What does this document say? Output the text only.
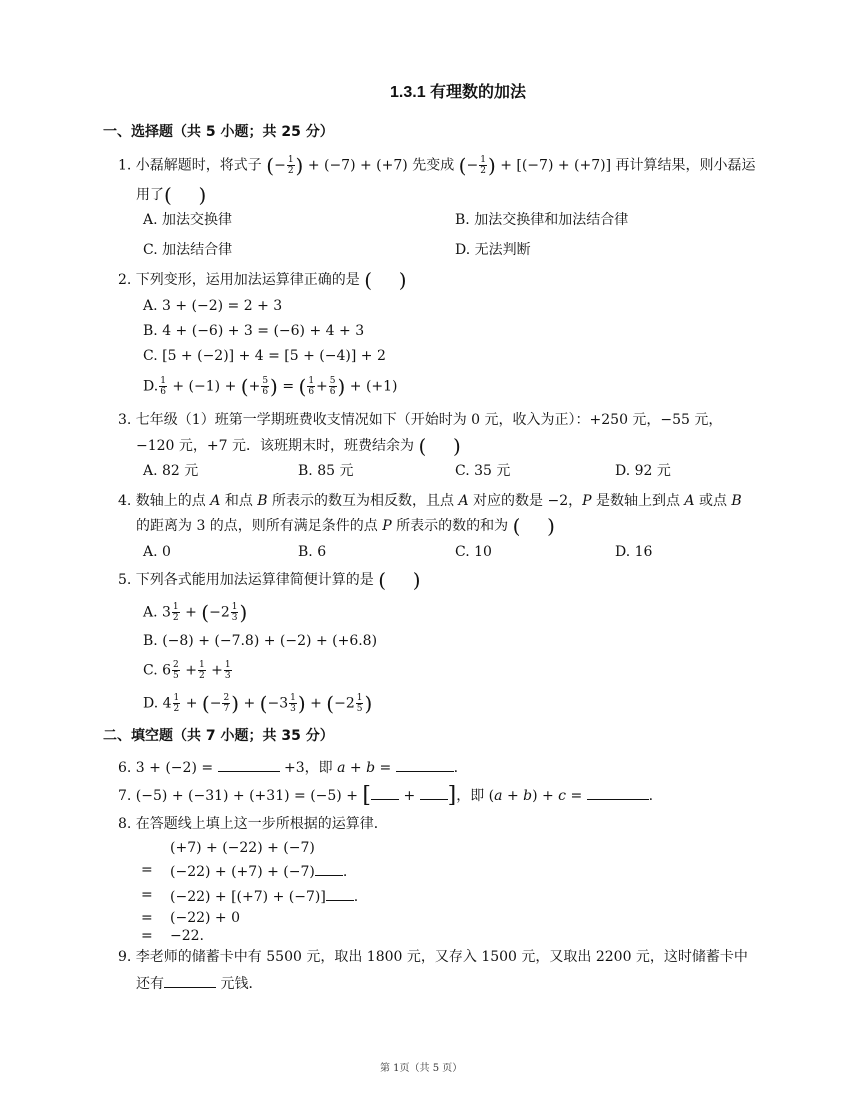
1.3.1 有理数的加法
一、选择题（共 5 小题；共 25 分）
1. 小磊解题时，将式子 (− $\frac{1}{2}$ ) + (−7) + (+7) 先变成 (− $\frac{1}{2}$ ) + [(−7) + (+7)] 再计算结果，则小磊运
用了( )
A. 加法交换律	B. 加法交换律和加法结合律
C. 加法结合律	D. 无法判断
2. 下列变形，运用加法运算律正确的是 ( )
A. 3 + (−2) = 2 + 3
B. 4 + (−6) + 3 = (−6) + 4 + 3
C. [5 + (−2)] + 4 = [5 + (−4)] + 2
D. $\frac{1}{6} + (-1)$ + (+ $\frac{5}{6}$ ) = ( $\frac{1}{6} + \frac{5}{6}$ ) + (+1)
3. 七年级（1）班第一学期班费收支情况如下（开始时为 0 元，收入为正）：+250 元，−55 元，
−120 元，+7 元．该班期末时，班费结余为 ( )
A. 82 元	B. 85 元	C. 35 元	D. 92 元
4. 数轴上的点 𝐴 和点 𝐵 所表示的数互为相反数，且点 𝐴 对应的数是 −2，𝑃 是数轴上到点 𝐴 或点 𝐵
的距离为 3 的点，则所有满足条件的点 𝑃 所表示的数的和为 ( )
A. 0	B. 6	C. 10	D. 16
5. 下列各式能用加法运算律简便计算的是 ( )
A. $3 \frac{1}{2} + (-2 \frac{1}{3}$ )
B. (−8) + (−7.8) + (−2) + (+6.8)
C. $6 \frac{2}{5} + \frac{1}{2} + \frac{1}{3}$
D. $4 \frac{1}{2}$ + (− $\frac{2}{7}$ ) + ($-3 \frac{1}{3}$ ) + ($-2 \frac{1}{5}$ )
二、填空题（共 7 小题；共 35 分）
6. 3 + (−2) =	+3，即 𝑎 + 𝑏 =	.
7. (−5) + (−31) + (+31) = (−5) + [ + ]，即 (𝑎 + 𝑏) + 𝑐 =	.
8. 在答题线上填上这一步所根据的运算律．
(+7) + (−22) + (−7)
= (−22) + (+7) + (−7) .
= (−22) + [(+7) + (−7)] .
= (−22) + 0
= −22.
9. 李老师的储蓄卡中有 5500 元，取出 1800 元，又存入 1500 元，又取出 2200 元，这时储蓄卡中
还有	元钱．
第 1页（共 5 页）
